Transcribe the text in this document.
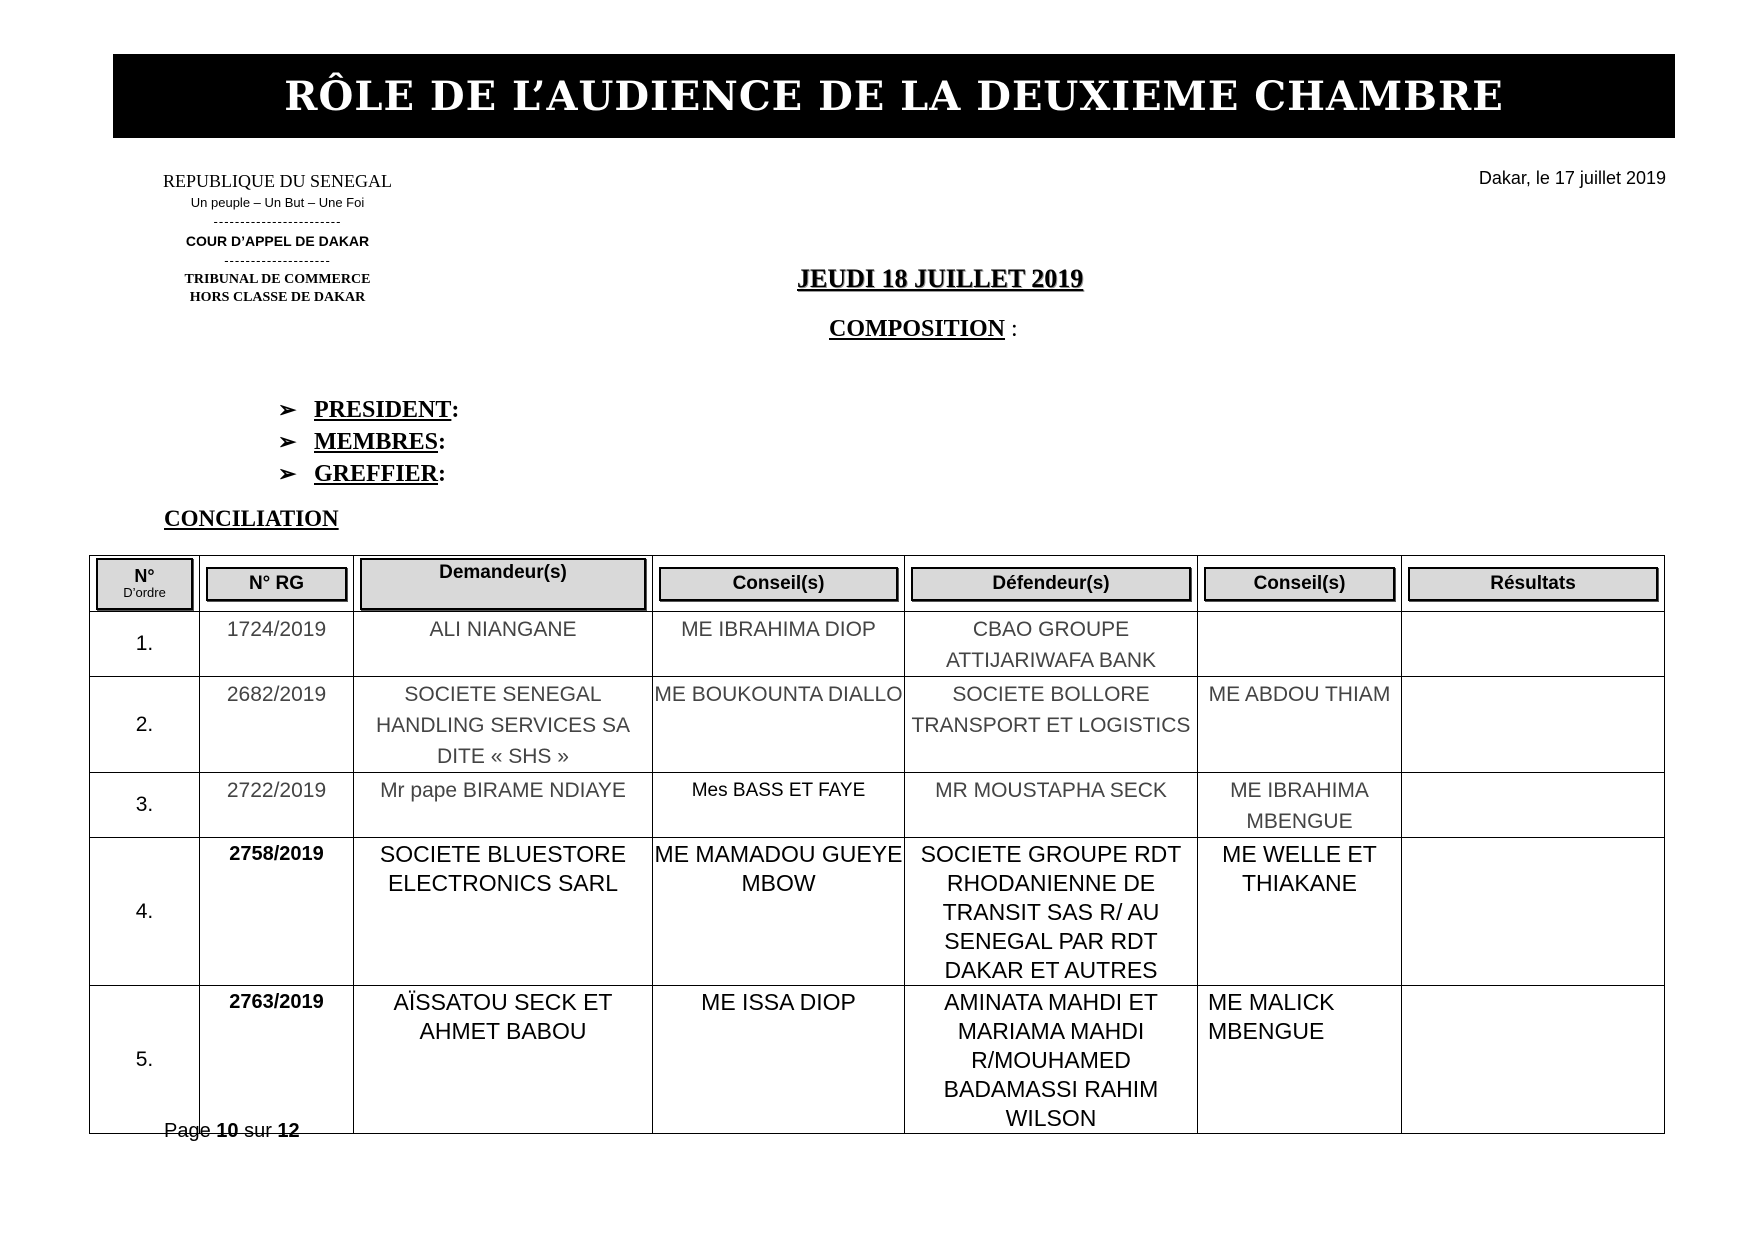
RÔLE DE L’AUDIENCE DE LA DEUXIEME CHAMBRE
REPUBLIQUE DU SENEGAL
Un peuple – Un But – Une Foi
------------------------
COUR D’APPEL DE DAKAR
--------------------
TRIBUNAL DE COMMERCE
HORS CLASSE DE DAKAR
Dakar, le 17 juillet 2019
JEUDI 18 JUILLET 2019
COMPOSITION :
➢ PRESIDENT :
➢ MEMBRES :
➢ GREFFIER :
CONCILIATION
N°
D’ordre	N° RG	Demandeur(s)	Conseil(s)	Défendeur(s)	Conseil(s)	Résultats

1.	1724/2019	ALI NIANGANE	ME IBRAHIMA DIOP	CBAO GROUPE ATTIJARIWAFA BANK		
2.	2682/2019	SOCIETE SENEGAL HANDLING SERVICES SA DITE « SHS »	ME BOUKOUNTA DIALLO	SOCIETE BOLLORE TRANSPORT ET LOGISTICS	ME ABDOU THIAM	
3.	2722/2019	Mr pape BIRAME NDIAYE	Mes BASS ET FAYE	MR MOUSTAPHA SECK	ME IBRAHIMA MBENGUE	
4.	2758/2019	SOCIETE BLUESTORE ELECTRONICS SARL	ME MAMADOU GUEYE MBOW	SOCIETE GROUPE RDT RHODANIENNE DE TRANSIT SAS R/ AU SENEGAL PAR RDT DAKAR ET AUTRES	ME WELLE ET THIAKANE	
5.	2763/2019	AÏSSATOU SECK ET AHMET BABOU	ME ISSA DIOP	AMINATA MAHDI ET MARIAMA MAHDI R/MOUHAMED BADAMASSI RAHIM WILSON	ME MALICK MBENGUE	
Page 10 sur 12
